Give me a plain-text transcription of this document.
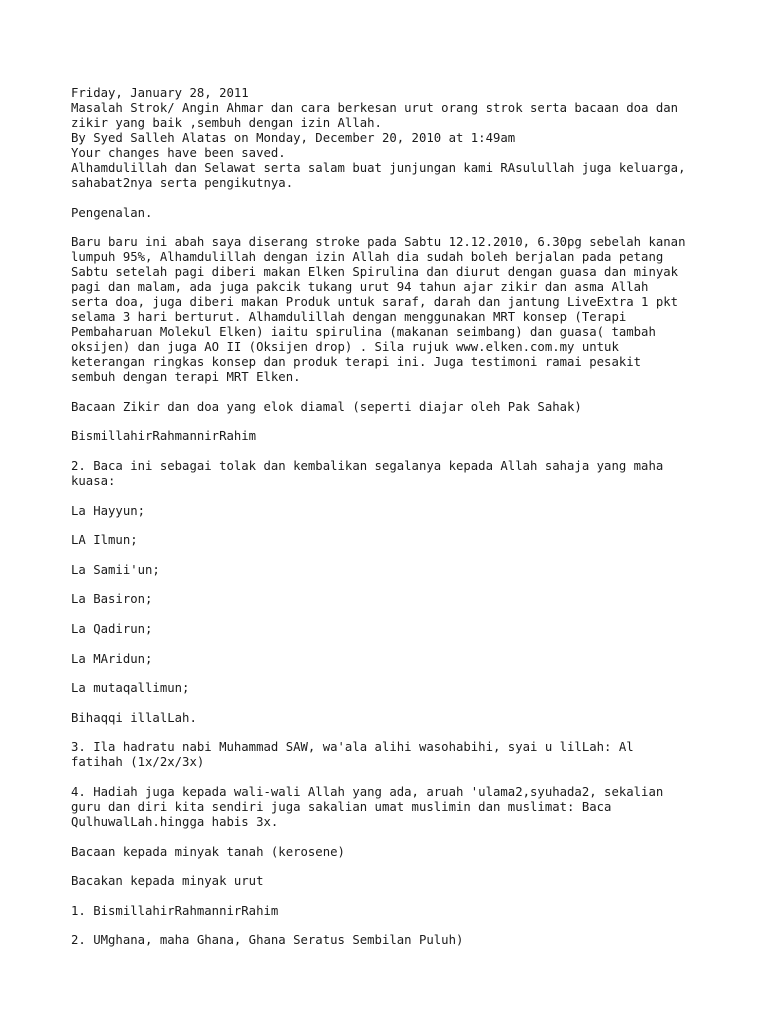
Friday, January 28, 2011

Masalah Strok/ Angin Ahmar dan cara berkesan urut orang strok serta bacaan doa dan

zikir yang baik ,sembuh dengan izin Allah.

By Syed Salleh Alatas on Monday, December 20, 2010 at 1:49am

Your changes have been saved.

Alhamdulillah dan Selawat serta salam buat junjungan kami RAsulullah juga keluarga,

sahabat2nya serta pengikutnya.

Pengenalan.

Baru baru ini abah saya diserang stroke pada Sabtu 12.12.2010, 6.30pg sebelah kanan

lumpuh 95%, Alhamdulillah dengan izin Allah dia sudah boleh berjalan pada petang

Sabtu setelah pagi diberi makan Elken Spirulina dan diurut dengan guasa dan minyak

pagi dan malam, ada juga pakcik tukang urut 94 tahun ajar zikir dan asma Allah

serta doa, juga diberi makan Produk untuk saraf, darah dan jantung LiveExtra 1 pkt

selama 3 hari berturut. Alhamdulillah dengan menggunakan MRT konsep (Terapi

Pembaharuan Molekul Elken) iaitu spirulina (makanan seimbang) dan guasa( tambah

oksijen) dan juga AO II (Oksijen drop) . Sila rujuk www.elken.com.my untuk

keterangan ringkas konsep dan produk terapi ini. Juga testimoni ramai pesakit

sembuh dengan terapi MRT Elken.

Bacaan Zikir dan doa yang elok diamal (seperti diajar oleh Pak Sahak)

BismillahirRahmannirRahim

2. Baca ini sebagai tolak dan kembalikan segalanya kepada Allah sahaja yang maha

kuasa:

La Hayyun;

LA Ilmun;

La Samii'un;

La Basiron;

La Qadirun;

La MAridun;

La mutaqallimun;

Bihaqqi illalLah.

3. Ila hadratu nabi Muhammad SAW, wa'ala alihi wasohabihi, syai u lilLah: Al

fatihah (1x/2x/3x)

4. Hadiah juga kepada wali-wali Allah yang ada, aruah 'ulama2,syuhada2, sekalian

guru dan diri kita sendiri juga sakalian umat muslimin dan muslimat: Baca

QulhuwalLah.hingga habis 3x.

Bacaan kepada minyak tanah (kerosene)

Bacakan kepada minyak urut

1. BismillahirRahmannirRahim

2. UMghana, maha Ghana, Ghana Seratus Sembilan Puluh)
